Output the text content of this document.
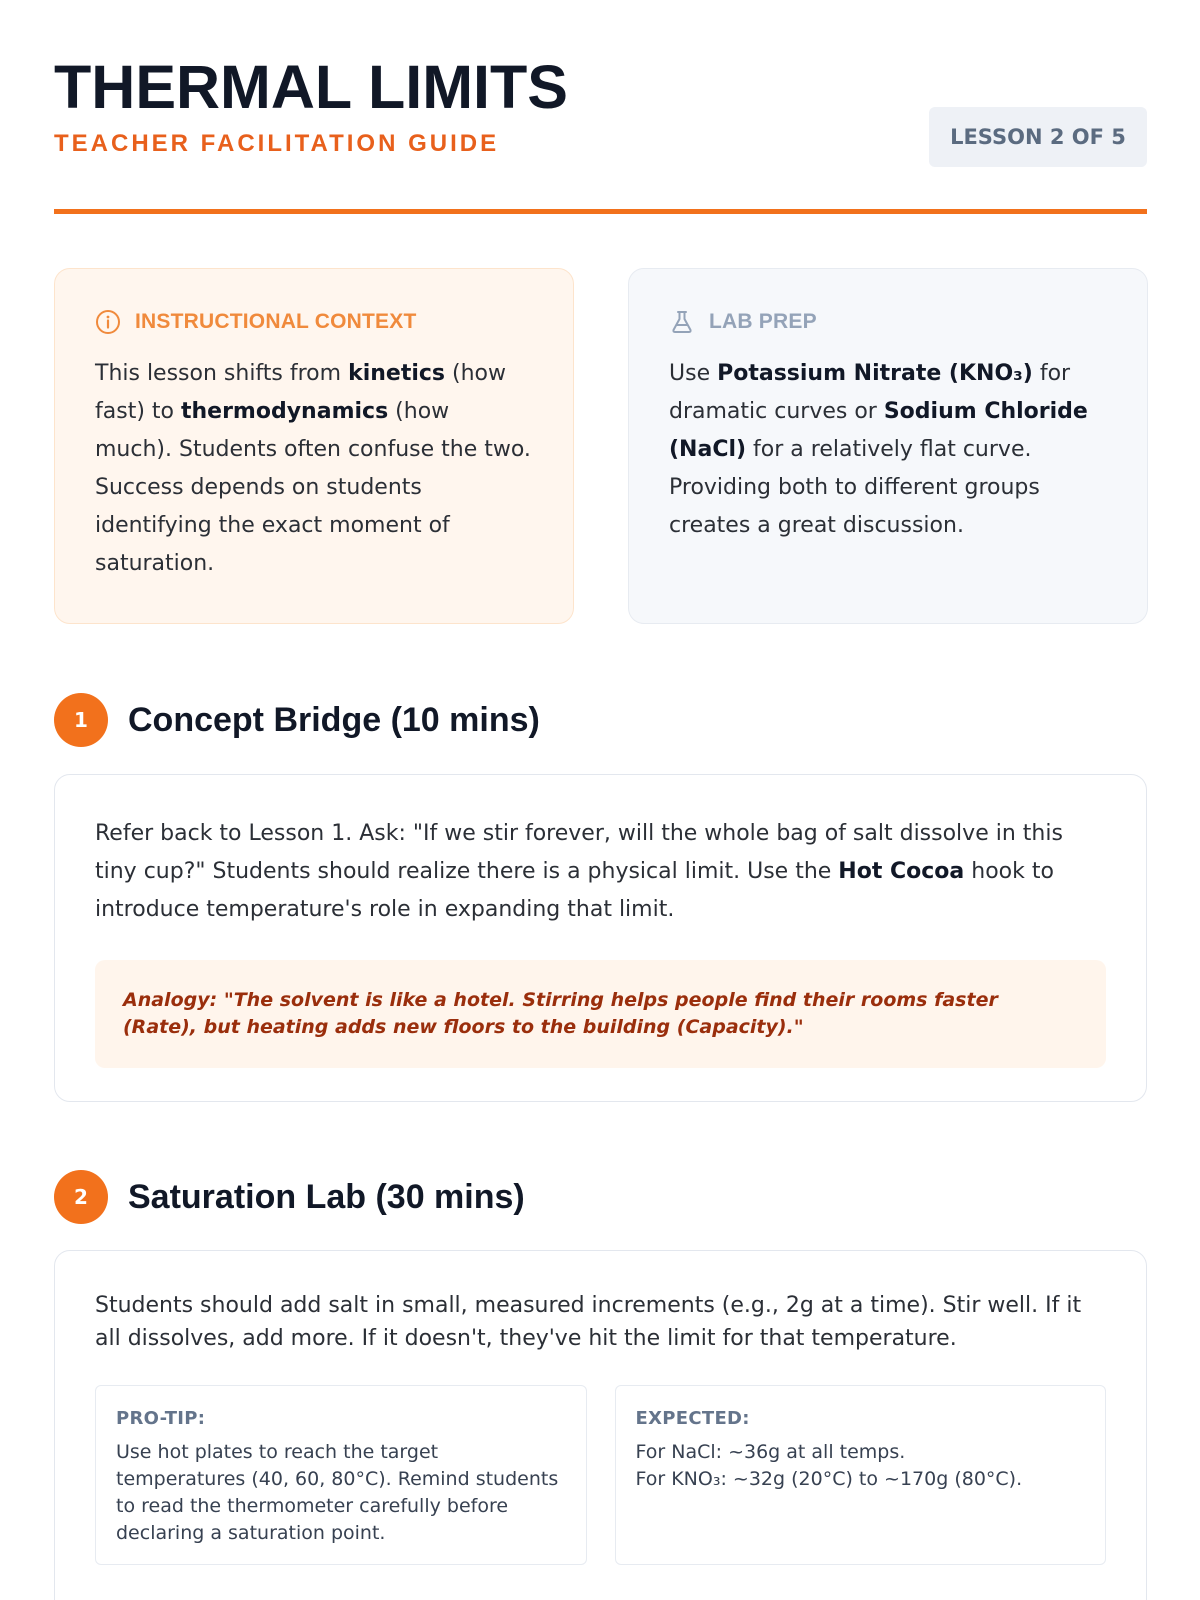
THERMAL LIMITS
TEACHER FACILITATION GUIDE	LESSON 2 OF 5
INSTRUCTIONAL CONTEXT

This lesson shifts from kinetics (how fast) to thermodynamics (how much). Students often confuse the two. Success depends on students identifying the exact moment of saturation.

LAB PREP

Use Potassium Nitrate (KNO₃) for dramatic curves or Sodium Chloride (NaCl) for a relatively flat curve. Providing both to different groups creates a great discussion.

1	Concept Bridge (10 mins)

Refer back to Lesson 1. Ask: "If we stir forever, will the whole bag of salt dissolve in this tiny cup?" Students should realize there is a physical limit. Use the Hot Cocoa hook to introduce temperature's role in expanding that limit.

Analogy: "The solvent is like a hotel. Stirring helps people find their rooms faster (Rate), but heating adds new floors to the building (Capacity)."
2	Saturation Lab (30 mins)

Students should add salt in small, measured increments (e.g., 2g at a time). Stir well. If it all dissolves, add more. If it doesn't, they've hit the limit for that temperature.

PRO-TIP:
Use hot plates to reach the target temperatures (40, 60, 80°C). Remind students to read the thermometer carefully before declaring a saturation point.
EXPECTED:
For NaCl: ~36g at all temps.
For KNO₃: ~32g (20°C) to ~170g (80°C).
